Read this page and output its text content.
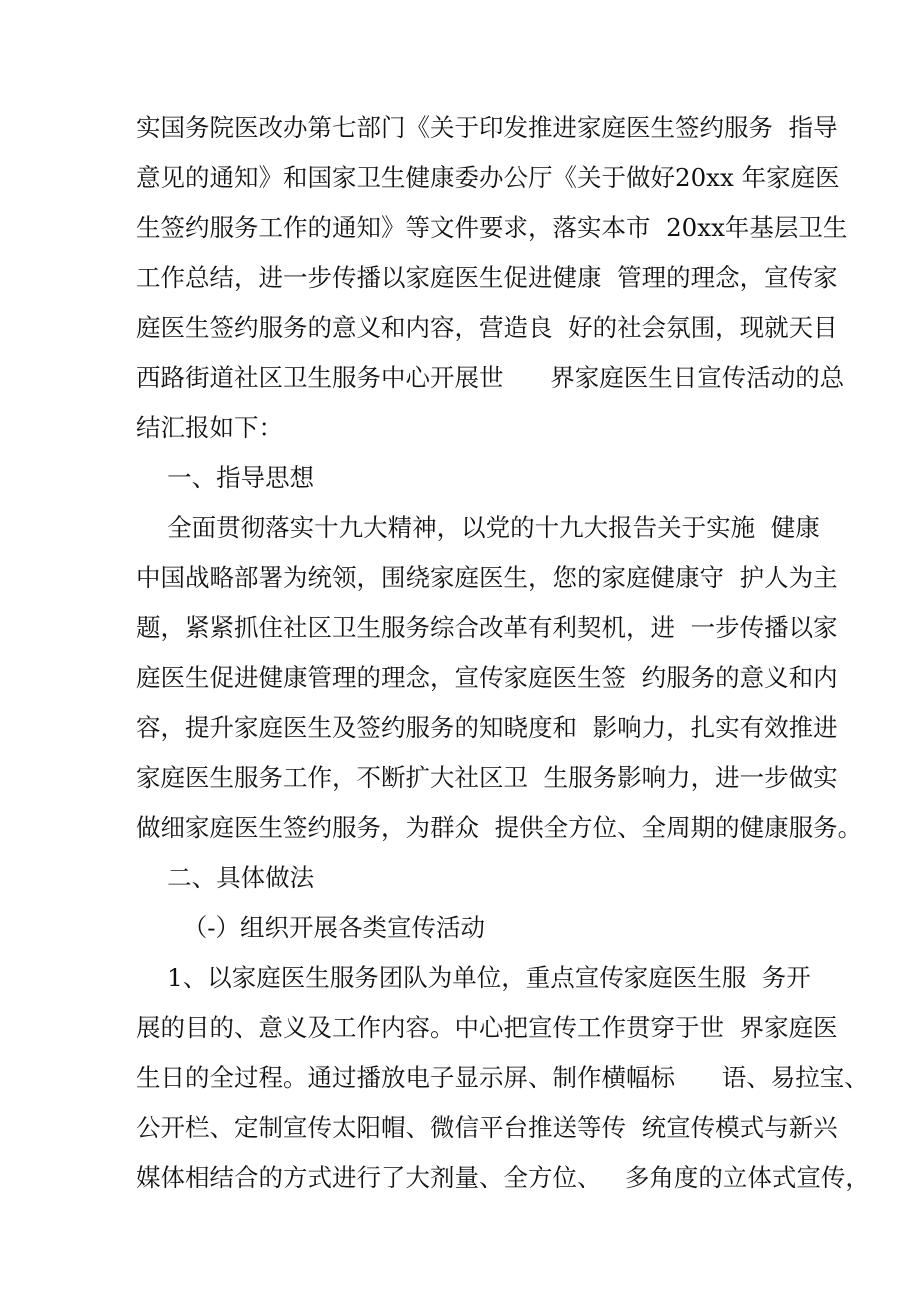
实国务院医改办第七部门《关于印发推进家庭医生签约服务  指导
意见的通知》和国家卫生健康委办公厅《关于做好20xx 年家庭医
生签约服务工作的通知》等文件要求，落实本市  20xx年基层卫生
工作总结，进一步传播以家庭医生促进健康  管理的理念，宣传家
庭医生签约服务的意义和内容，营造良  好的社会氛围，现就天目
西路街道社区卫生服务中心开展世      界家庭医生日宣传活动的总
结汇报如下：
一、指导思想
全面贯彻落实十九大精神，以党的十九大报告关于实施  健康
中国战略部署为统领，围绕家庭医生，您的家庭健康守  护人为主
题，紧紧抓住社区卫生服务综合改革有利契机，进  一步传播以家
庭医生促进健康管理的理念，宣传家庭医生签  约服务的意义和内
容，提升家庭医生及签约服务的知晓度和  影响力，扎实有效推进
家庭医生服务工作，不断扩大社区卫  生服务影响力，进一步做实
做细家庭医生签约服务，为群众  提供全方位、全周期的健康服务。
二、具体做法
（-）组织开展各类宣传活动
1、以家庭医生服务团队为单位，重点宣传家庭医生服  务开
展的目的、意义及工作内容。中心把宣传工作贯穿于世  界家庭医
生日的全过程。通过播放电子显示屏、制作横幅标      语、易拉宝、
公开栏、定制宣传太阳帽、微信平台推送等传  统宣传模式与新兴
媒体相结合的方式进行了大剂量、全方位、   多角度的立体式宣传，
